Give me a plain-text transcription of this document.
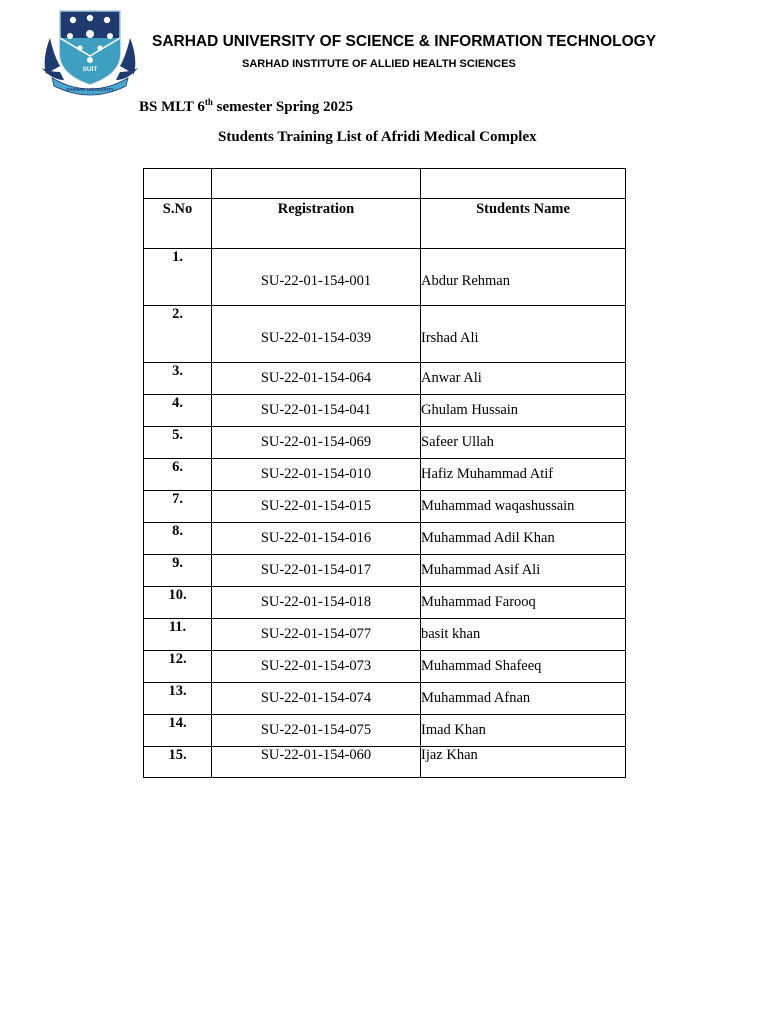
SUIT
SARHAD UNIVERSITY
SARHAD UNIVERSITY OF SCIENCE & INFORMATION TECHNOLOGY
SARHAD INSTITUTE OF ALLIED HEALTH SCIENCES
BS MLT 6th semester Spring 2025
Students Training List of Afridi Medical Complex

S.No	Registration	Students Name
1.	SU-22-01-154-001	Abdur Rehman
2.	SU-22-01-154-039	Irshad Ali
3.	SU-22-01-154-064	Anwar Ali
4.	SU-22-01-154-041	Ghulam Hussain
5.	SU-22-01-154-069	Safeer Ullah
6.	SU-22-01-154-010	Hafiz Muhammad Atif
7.	SU-22-01-154-015	Muhammad waqashussain
8.	SU-22-01-154-016	Muhammad Adil Khan
9.	SU-22-01-154-017	Muhammad Asif Ali
10.	SU-22-01-154-018	Muhammad Farooq
11.	SU-22-01-154-077	basit khan
12.	SU-22-01-154-073	Muhammad Shafeeq
13.	SU-22-01-154-074	Muhammad Afnan
14.	SU-22-01-154-075	Imad Khan
15.	SU-22-01-154-060	Ijaz Khan
